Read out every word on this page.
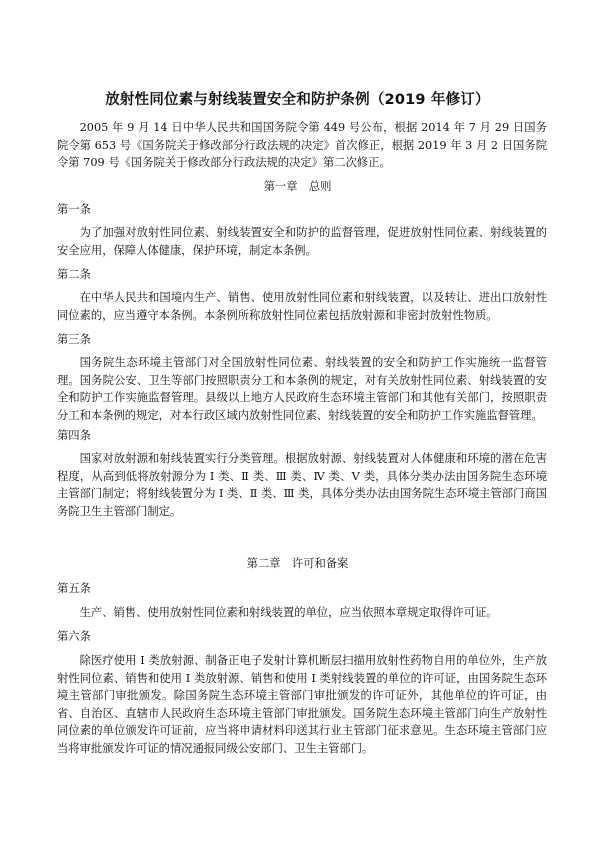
放射性同位素与射线装置安全和防护条例（2019 年修订）
2005 年 9 月 14 日中华人民共和国国务院令第 449 号公布，根据 2014 年 7 月 29 日国务院令第 653 号《国务院关于修改部分行政法规的决定》首次修正，根据 2019 年 3 月 2 日国务院令第 709 号《国务院关于修改部分行政法规的决定》第二次修正。
第一章　总则
第一条
为了加强对放射性同位素、射线装置安全和防护的监督管理，促进放射性同位素、射线装置的安全应用，保障人体健康，保护环境，制定本条例。
第二条
在中华人民共和国境内生产、销售、使用放射性同位素和射线装置，以及转让、进出口放射性同位素的，应当遵守本条例。本条例所称放射性同位素包括放射源和非密封放射性物质。
第三条
国务院生态环境主管部门对全国放射性同位素、射线装置的安全和防护工作实施统一监督管理。国务院公安、卫生等部门按照职责分工和本条例的规定，对有关放射性同位素、射线装置的安全和防护工作实施监督管理。县级以上地方人民政府生态环境主管部门和其他有关部门，按照职责分工和本条例的规定，对本行政区域内放射性同位素、射线装置的安全和防护工作实施监督管理。
第四条
国家对放射源和射线装置实行分类管理。根据放射源、射线装置对人体健康和环境的潜在危害程度，从高到低将放射源分为 Ⅰ 类、Ⅱ 类、Ⅲ 类、Ⅳ 类、Ⅴ 类，具体分类办法由国务院生态环境主管部门制定；将射线装置分为 Ⅰ 类、Ⅱ 类、Ⅲ 类，具体分类办法由国务院生态环境主管部门商国务院卫生主管部门制定。
第二章　许可和备案
第五条
生产、销售、使用放射性同位素和射线装置的单位，应当依照本章规定取得许可证。
第六条
除医疗使用 Ⅰ 类放射源、制备正电子发射计算机断层扫描用放射性药物自用的单位外，生产放射性同位素、销售和使用 Ⅰ 类放射源、销售和使用 Ⅰ 类射线装置的单位的许可证，由国务院生态环境主管部门审批颁发。除国务院生态环境主管部门审批颁发的许可证外，其他单位的许可证，由省、自治区、直辖市人民政府生态环境主管部门审批颁发。国务院生态环境主管部门向生产放射性同位素的单位颁发许可证前，应当将申请材料印送其行业主管部门征求意见。生态环境主管部门应当将审批颁发许可证的情况通报同级公安部门、卫生主管部门。
